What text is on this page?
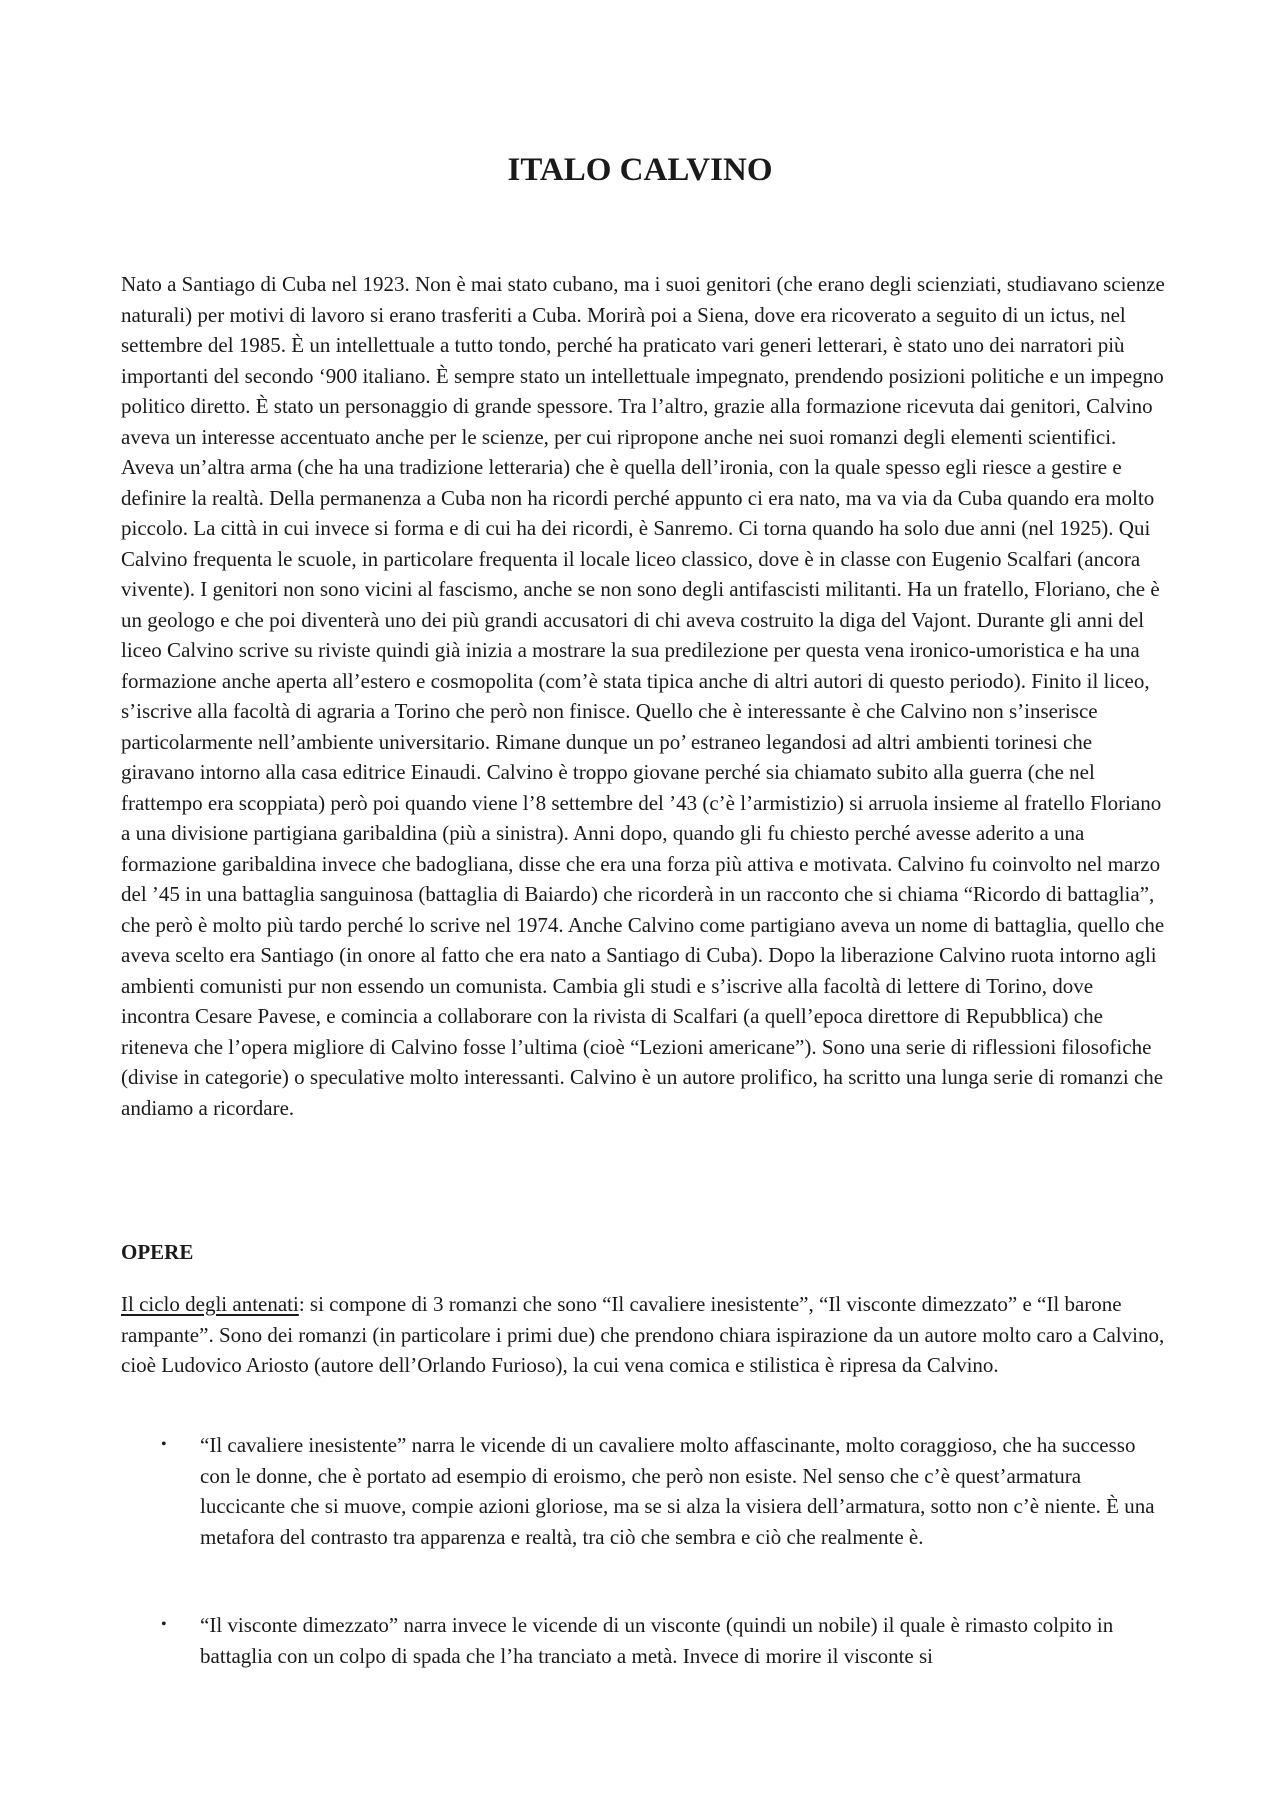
ITALO CALVINO

Nato a Santiago di Cuba nel 1923. Non è mai stato cubano, ma i suoi genitori (che erano degli scienziati, studiavano scienze naturali) per motivi di lavoro si erano trasferiti a Cuba. Morirà poi a Siena, dove era ricoverato a seguito di un ictus, nel settembre del 1985. È un intellettuale a tutto tondo, perché ha praticato vari generi letterari, è stato uno dei narratori più importanti del secondo ‘900 italiano. È sempre stato un intellettuale impegnato, prendendo posizioni politiche e un impegno politico diretto. È stato un personaggio di grande spessore. Tra l’altro, grazie alla formazione ricevuta dai genitori, Calvino aveva un interesse accentuato anche per le scienze, per cui ripropone anche nei suoi romanzi degli elementi scientifici. Aveva un’altra arma (che ha una tradizione letteraria) che è quella dell’ironia, con la quale spesso egli riesce a gestire e definire la realtà. Della permanenza a Cuba non ha ricordi perché appunto ci era nato, ma va via da Cuba quando era molto piccolo. La città in cui invece si forma e di cui ha dei ricordi, è Sanremo. Ci torna quando ha solo due anni (nel 1925). Qui Calvino frequenta le scuole, in particolare frequenta il locale liceo classico, dove è in classe con Eugenio Scalfari (ancora vivente). I genitori non sono vicini al fascismo, anche se non sono degli antifascisti militanti. Ha un fratello, Floriano, che è un geologo e che poi diventerà uno dei più grandi accusatori di chi aveva costruito la diga del Vajont. Durante gli anni del liceo Calvino scrive su riviste quindi già inizia a mostrare la sua predilezione per questa vena ironico-umoristica e ha una formazione anche aperta all’estero e cosmopolita (com’è stata tipica anche di altri autori di questo periodo). Finito il liceo, s’iscrive alla facoltà di agraria a Torino che però non finisce. Quello che è interessante è che Calvino non s’inserisce particolarmente nell’ambiente universitario. Rimane dunque un po’ estraneo legandosi ad altri ambienti torinesi che giravano intorno alla casa editrice Einaudi. Calvino è troppo giovane perché sia chiamato subito alla guerra (che nel frattempo era scoppiata) però poi quando viene l’8 settembre del ’43 (c’è l’armistizio) si arruola insieme al fratello Floriano a una divisione partigiana garibaldina (più a sinistra). Anni dopo, quando gli fu chiesto perché avesse aderito a una formazione garibaldina invece che badogliana, disse che era una forza più attiva e motivata. Calvino fu coinvolto nel marzo del ’45 in una battaglia sanguinosa (battaglia di Baiardo) che ricorderà in un racconto che si chiama “Ricordo di battaglia”, che però è molto più tardo perché lo scrive nel 1974. Anche Calvino come partigiano aveva un nome di battaglia, quello che aveva scelto era Santiago (in onore al fatto che era nato a Santiago di Cuba). Dopo la liberazione Calvino ruota intorno agli ambienti comunisti pur non essendo un comunista. Cambia gli studi e s’iscrive alla facoltà di lettere di Torino, dove incontra Cesare Pavese, e comincia a collaborare con la rivista di Scalfari (a quell’epoca direttore di Repubblica) che riteneva che l’opera migliore di Calvino fosse l’ultima (cioè “Lezioni americane”). Sono una serie di riflessioni filosofiche (divise in categorie) o speculative molto interessanti. Calvino è un autore prolifico, ha scritto una lunga serie di romanzi che andiamo a ricordare.

OPERE

Il ciclo degli antenati: si compone di 3 romanzi che sono “Il cavaliere inesistente”, “Il visconte dimezzato” e “Il barone rampante”. Sono dei romanzi (in particolare i primi due) che prendono chiara ispirazione da un autore molto caro a Calvino, cioè Ludovico Ariosto (autore dell’Orlando Furioso), la cui vena comica e stilistica è ripresa da Calvino.

• “Il cavaliere inesistente” narra le vicende di un cavaliere molto affascinante, molto coraggioso, che ha successo con le donne, che è portato ad esempio di eroismo, che però non esiste. Nel senso che c’è quest’armatura luccicante che si muove, compie azioni gloriose, ma se si alza la visiera dell’armatura, sotto non c’è niente. È una metafora del contrasto tra apparenza e realtà, tra ciò che sembra e ciò che realmente è.
• “Il visconte dimezzato” narra invece le vicende di un visconte (quindi un nobile) il quale è rimasto colpito in battaglia con un colpo di spada che l’ha tranciato a metà. Invece di morire il visconte si
